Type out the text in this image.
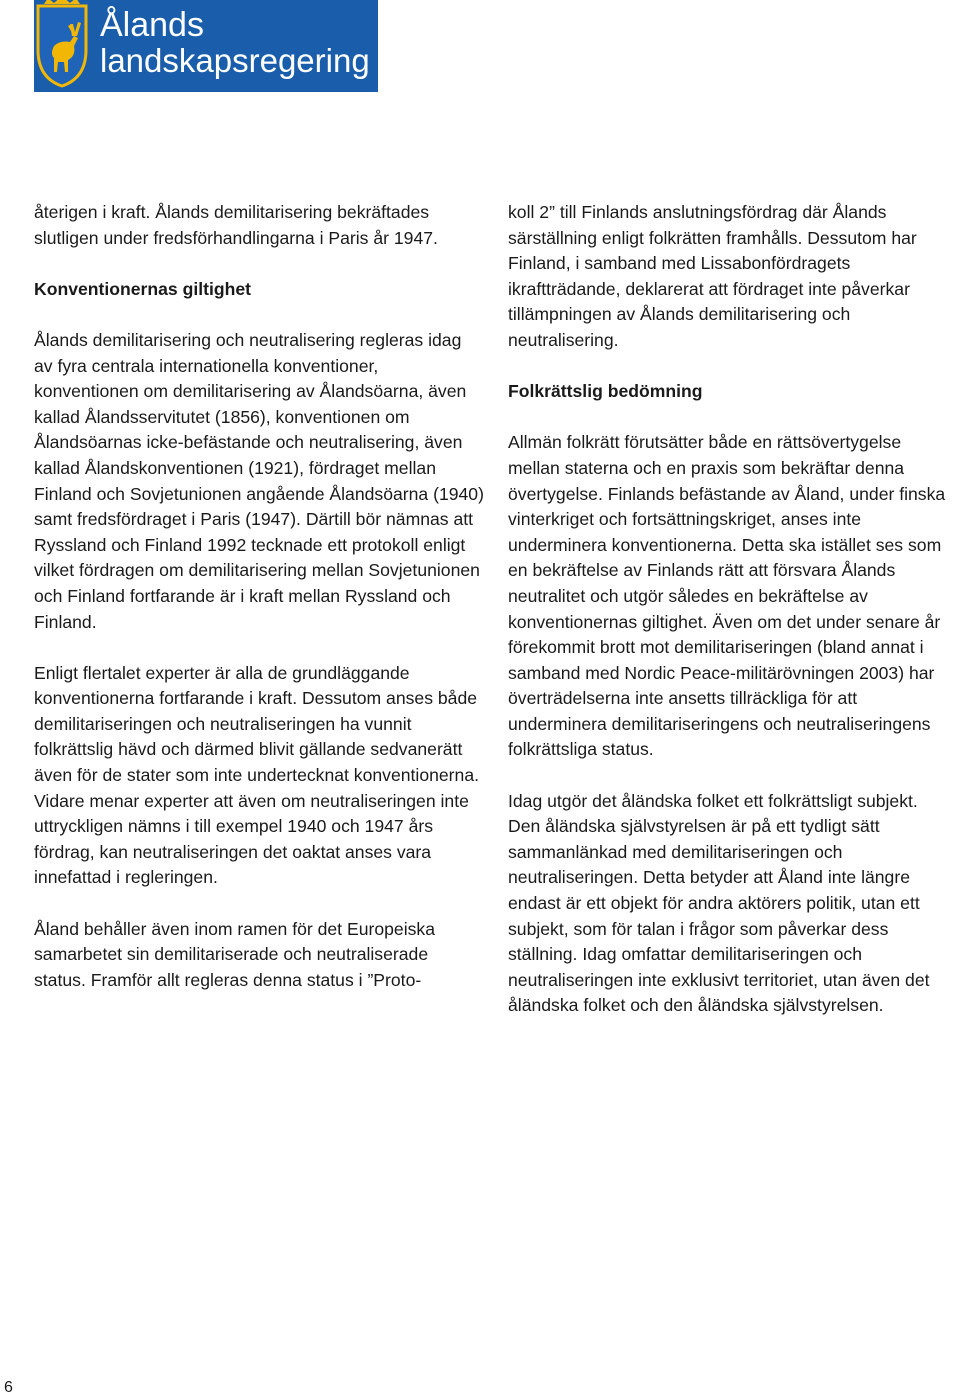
Ålands
landskapsregering

återigen i kraft. Ålands demilitarisering bekräftades slutligen under fredsförhandlingarna i Paris år 1947.

Konventionernas giltighet

Ålands demilitarisering och neutralisering regleras idag av fyra centrala internationella konventioner, konventionen om demilitarisering av Ålandsöarna, även kallad Ålandsservitutet (1856), konventionen om Ålandsöarnas icke-befästande och neutralisering, även kallad Ålandskonventionen (1921), fördraget mellan Finland och Sovjetunionen angående Ålandsöarna (1940) samt fredsfördraget i Paris (1947). Därtill bör nämnas att Ryssland och Finland 1992 tecknade ett protokoll enligt vilket fördragen om demilitarisering mellan Sovjetunionen och Finland fortfarande är i kraft mellan Ryssland och Finland.

Enligt flertalet experter är alla de grundläggande konventionerna fortfarande i kraft. Dessutom anses både demilitariseringen och neutraliseringen ha vunnit folkrättslig hävd och därmed blivit gällande sedvanerätt även för de stater som inte undertecknat konventionerna. Vidare menar experter att även om neutraliseringen inte uttryckligen nämns i till exempel 1940 och 1947 års fördrag, kan neutraliseringen det oaktat anses vara innefattad i regleringen.

Åland behåller även inom ramen för det Europeiska samarbetet sin demilitariserade och neutraliserade status. Framför allt regleras denna status i ”Proto-

koll 2” till Finlands anslutningsfördrag där Ålands särställning enligt folkrätten framhålls. Dessutom har Finland, i samband med Lissabonfördragets ikraftträdande, deklarerat att fördraget inte påverkar tillämpningen av Ålands demilitarisering och neutralisering.

Folkrättslig bedömning

Allmän folkrätt förutsätter både en rättsövertygelse mellan staterna och en praxis som bekräftar denna övertygelse. Finlands befästande av Åland, under finska vinterkriget och fortsättningskriget, anses inte underminera konventionerna. Detta ska istället ses som en bekräftelse av Finlands rätt att försvara Ålands neutralitet och utgör således en bekräftelse av konventionernas giltighet. Även om det under senare år förekommit brott mot demilitariseringen (bland annat i samband med Nordic Peace-militärövningen 2003) har överträdelserna inte ansetts tillräckliga för att underminera demilitariseringens och neutraliseringens folkrättsliga status.

Idag utgör det åländska folket ett folkrättsligt subjekt. Den åländska självstyrelsen är på ett tydligt sätt sammanlänkad med demilitariseringen och neutraliseringen. Detta betyder att Åland inte längre endast är ett objekt för andra aktörers politik, utan ett subjekt, som för talan i frågor som påverkar dess ställning. Idag omfattar demilitariseringen och neutraliseringen inte exklusivt territoriet, utan även det åländska folket och den åländska självstyrelsen.

6
